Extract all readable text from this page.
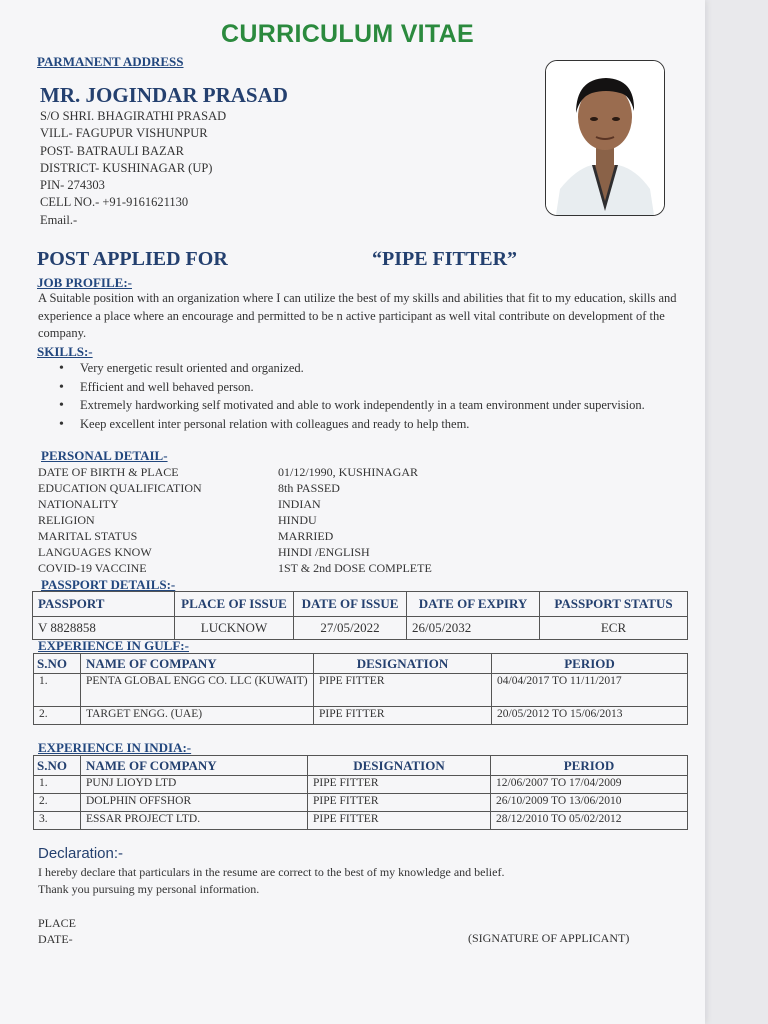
CURRICULUM VITAE
PARMANENT ADDRESS
MR. JOGINDAR PRASAD
S/O SHRI. BHAGIRATHI PRASAD
VILL- FAGUPUR VISHUNPUR
POST- BATRAULI BAZAR
DISTRICT- KUSHINAGAR (UP)
PIN- 274303
CELL NO.- +91-9161621130
Email.-
POST APPLIED FOR	“PIPE FITTER”
JOB PROFILE:-
A Suitable position with an organization where I can utilize the best of my skills and abilities that fit to my education, skills and experience a place where an encourage and permitted to be n active participant as well vital contribute on development of the company.
SKILLS:-
• Very energetic result oriented and organized.
• Efficient and well behaved person.
• Extremely hardworking self motivated and able to work independently in a team environment under supervision.
• Keep excellent inter personal relation with colleagues and ready to help them.
PERSONAL DETAIL-
DATE OF BIRTH & PLACE	01/12/1990, KUSHINAGAR
EDUCATION QUALIFICATION	8th PASSED
NATIONALITY	INDIAN
RELIGION	HINDU
MARITAL STATUS	MARRIED
LANGUAGES KNOW	HINDI /ENGLISH
COVID-19 VACCINE	1ST & 2nd DOSE COMPLETE
PASSPORT DETAILS:-
PASSPORT	PLACE OF ISSUE	DATE OF ISSUE	DATE OF EXPIRY	PASSPORT STATUS
V 8828858	LUCKNOW	27/05/2022	26/05/2032	ECR
EXPERIENCE IN GULF:-
S.NO	NAME OF COMPANY	DESIGNATION	PERIOD
1.	PENTA GLOBAL ENGG CO. LLC (KUWAIT)	PIPE FITTER	04/04/2017 TO 11/11/2017
2.	TARGET ENGG. (UAE)	PIPE FITTER	20/05/2012 TO 15/06/2013
EXPERIENCE IN INDIA:-
S.NO	NAME OF COMPANY	DESIGNATION	PERIOD
1.	PUNJ LIOYD LTD	PIPE FITTER	12/06/2007 TO 17/04/2009
2.	DOLPHIN OFFSHOR	PIPE FITTER	26/10/2009 TO 13/06/2010
3.	ESSAR PROJECT LTD.	PIPE FITTER	28/12/2010 TO 05/02/2012
Declaration:-
I hereby declare that particulars in the resume are correct to the best of my knowledge and belief.
Thank you pursuing my personal information.
PLACE
DATE-	(SIGNATURE OF APPLICANT)
